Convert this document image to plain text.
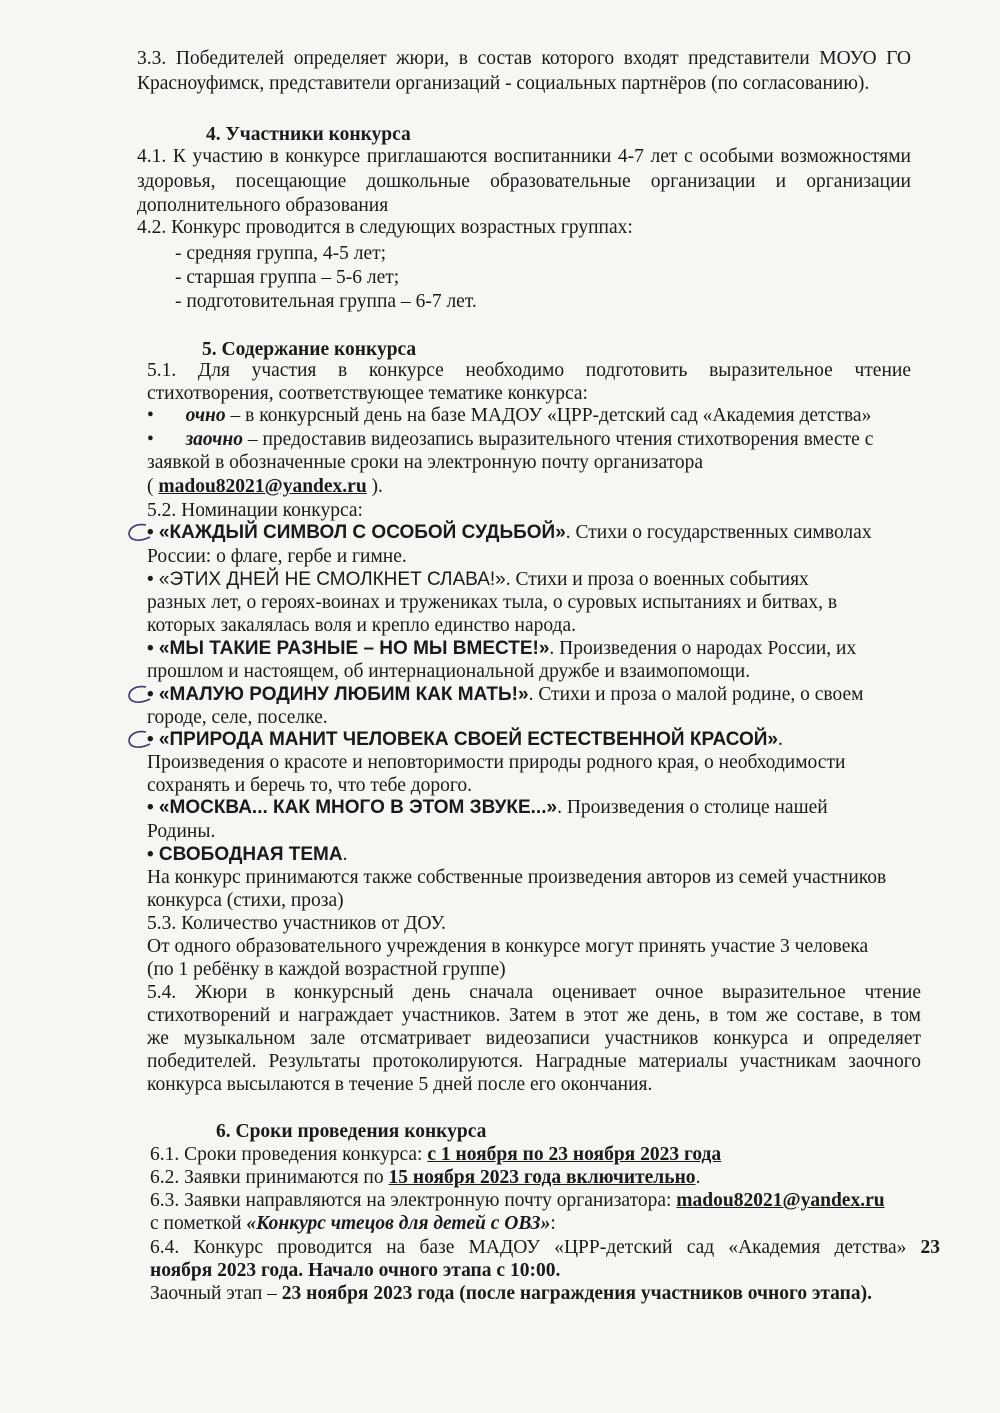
3.3. Победителей определяет жюри, в состав которого входят представители МОУО ГО
Красноуфимск, представители организаций - социальных партнёров (по согласованию).
4. Участники конкурса
4.1. К участию в конкурсе приглашаются воспитанники 4-7 лет с особыми возможностями
здоровья, посещающие дошкольные образовательные организации и организации
дополнительного образования
4.2. Конкурс проводится в следующих возрастных группах:
- средняя группа, 4-5 лет;
- старшая группа – 5-6 лет;
- подготовительная группа – 6-7 лет.
5. Содержание конкурса
5.1. Для участия в конкурсе необходимо подготовить выразительное чтение
стихотворения, соответствующее тематике конкурса:
• очно – в конкурсный день на базе МАДОУ «ЦРР-детский сад «Академия детства»
• заочно – предоставив видеозапись выразительного чтения стихотворения вместе с
заявкой в обозначенные сроки на электронную почту организатора
( madou82021@yandex.ru ).
5.2. Номинации конкурса:
• «КАЖДЫЙ СИМВОЛ С ОСОБОЙ СУДЬБОЙ». Стихи о государственных символах
России: о флаге, гербе и гимне.
• «ЭТИХ ДНЕЙ НЕ СМОЛКНЕТ СЛАВА!». Стихи и проза о военных событиях
разных лет, о героях-воинах и тружениках тыла, о суровых испытаниях и битвах, в
которых закалялась воля и крепло единство народа.
• «МЫ ТАКИЕ РАЗНЫЕ – НО МЫ ВМЕСТЕ!». Произведения о народах России, их
прошлом и настоящем, об интернациональной дружбе и взаимопомощи.
• «МАЛУЮ РОДИНУ ЛЮБИМ КАК МАТЬ!». Стихи и проза о малой родине, о своем
городе, селе, поселке.
• «ПРИРОДА МАНИТ ЧЕЛОВЕКА СВОЕЙ ЕСТЕСТВЕННОЙ КРАСОЙ».
Произведения о красоте и неповторимости природы родного края, о необходимости
сохранять и беречь то, что тебе дорого.
• «МОСКВА... КАК МНОГО В ЭТОМ ЗВУКЕ...». Произведения о столице нашей
Родины.
• СВОБОДНАЯ ТЕМА.
На конкурс принимаются также собственные произведения авторов из семей участников
конкурса (стихи, проза)
5.3. Количество участников от ДОУ.
От одного образовательного учреждения в конкурсе могут принять участие 3 человека
(по 1 ребёнку в каждой возрастной группе)
5.4. Жюри в конкурсный день сначала оценивает очное выразительное чтение
стихотворений и награждает участников. Затем в этот же день, в том же составе, в том
же музыкальном зале отсматривает видеозаписи участников конкурса и определяет
победителей. Результаты протоколируются. Наградные материалы участникам заочного
конкурса высылаются в течение 5 дней после его окончания.
6. Сроки проведения конкурса
6.1. Сроки проведения конкурса: с 1 ноября по 23 ноября 2023 года
6.2. Заявки принимаются по 15 ноября 2023 года включительно.
6.3. Заявки направляются на электронную почту организатора: madou82021@yandex.ru
с пометкой «Конкурс чтецов для детей с ОВЗ»:
6.4. Конкурс проводится на базе МАДОУ «ЦРР-детский сад «Академия детства» 23
ноября 2023 года. Начало очного этапа с 10:00.
Заочный этап – 23 ноября 2023 года (после награждения участников очного этапа).
